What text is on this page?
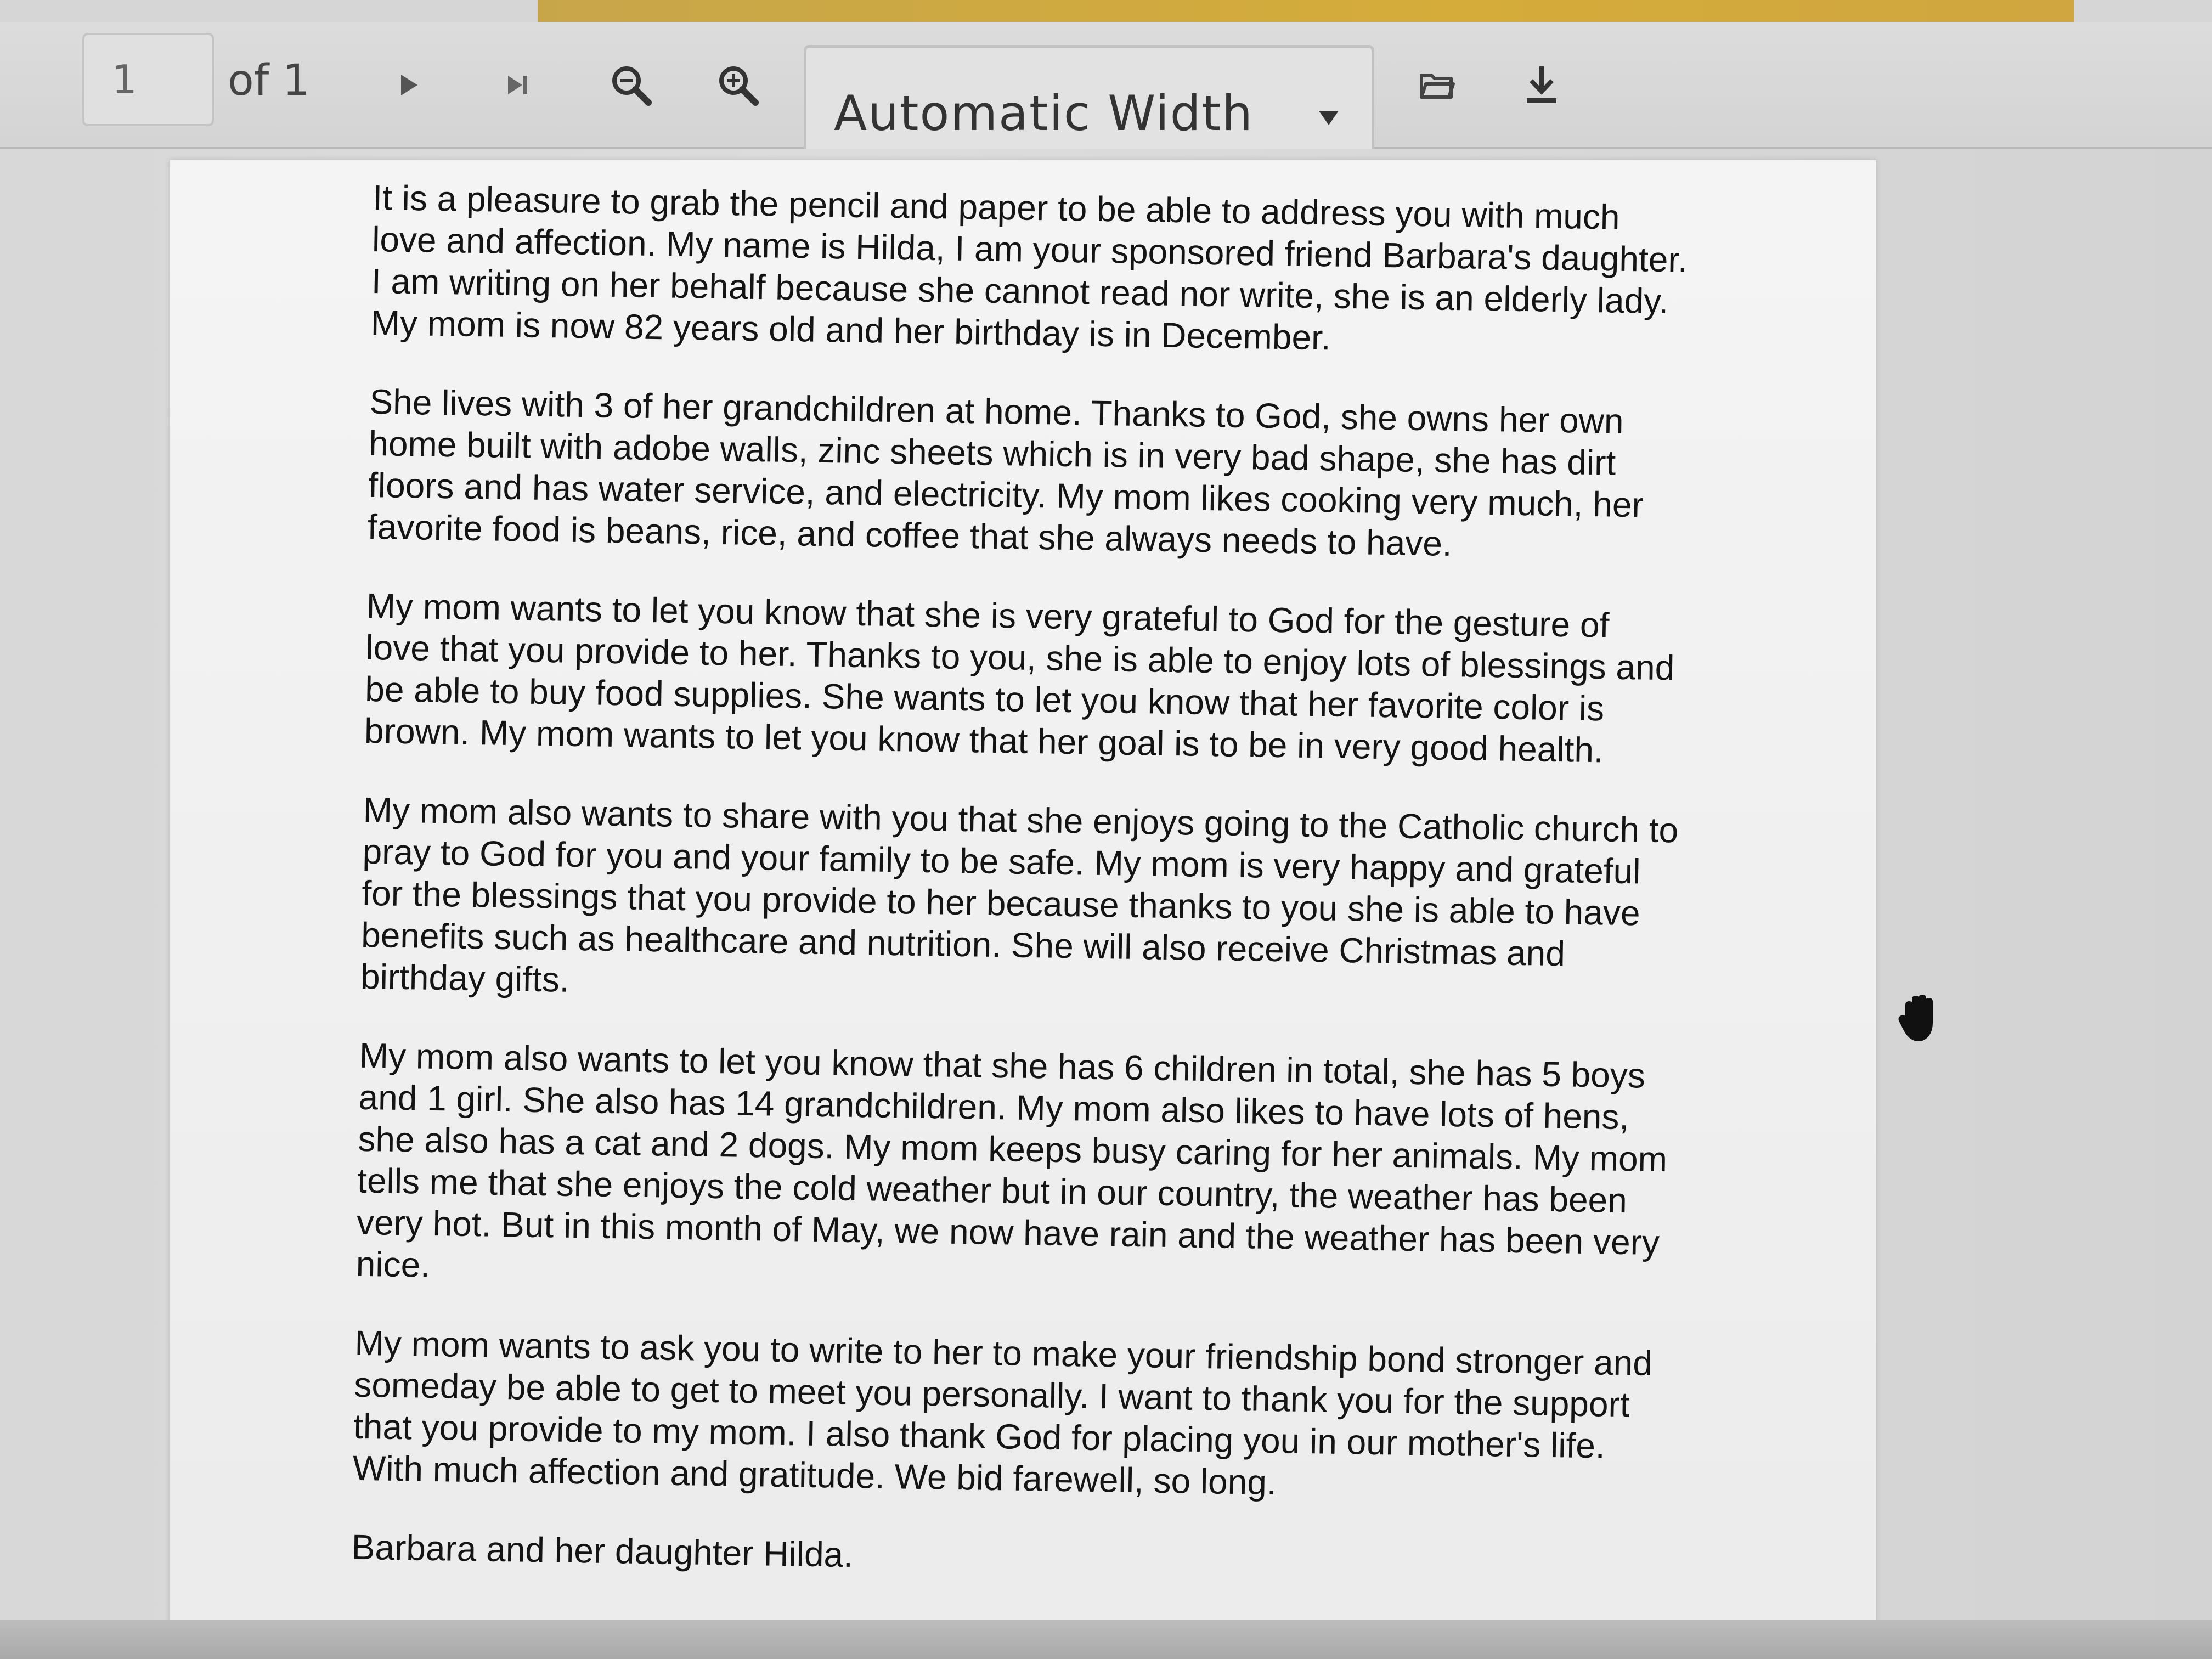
1
of 1
Automatic Width

It is a pleasure to grab the pencil and paper to be able to address you with much love and affection. My name is Hilda, I am your sponsored friend Barbara's daughter. I am writing on her behalf because she cannot read nor write, she is an elderly lady. My mom is now 82 years old and her birthday is in December.

She lives with 3 of her grandchildren at home. Thanks to God, she owns her own home built with adobe walls, zinc sheets which is in very bad shape, she has dirt floors and has water service, and electricity. My mom likes cooking very much, her favorite food is beans, rice, and coffee that she always needs to have.

My mom wants to let you know that she is very grateful to God for the gesture of love that you provide to her. Thanks to you, she is able to enjoy lots of blessings and be able to buy food supplies. She wants to let you know that her favorite color is brown. My mom wants to let you know that her goal is to be in very good health.

My mom also wants to share with you that she enjoys going to the Catholic church to pray to God for you and your family to be safe. My mom is very happy and grateful for the blessings that you provide to her because thanks to you she is able to have benefits such as healthcare and nutrition. She will also receive Christmas and birthday gifts.

My mom also wants to let you know that she has 6 children in total, she has 5 boys and 1 girl. She also has 14 grandchildren. My mom also likes to have lots of hens, she also has a cat and 2 dogs. My mom keeps busy caring for her animals. My mom tells me that she enjoys the cold weather but in our country, the weather has been very hot. But in this month of May, we now have rain and the weather has been very nice.

My mom wants to ask you to write to her to make your friendship bond stronger and someday be able to get to meet you personally. I want to thank you for the support that you provide to my mom. I also thank God for placing you in our mother's life. With much affection and gratitude. We bid farewell, so long.

Barbara and her daughter Hilda.
